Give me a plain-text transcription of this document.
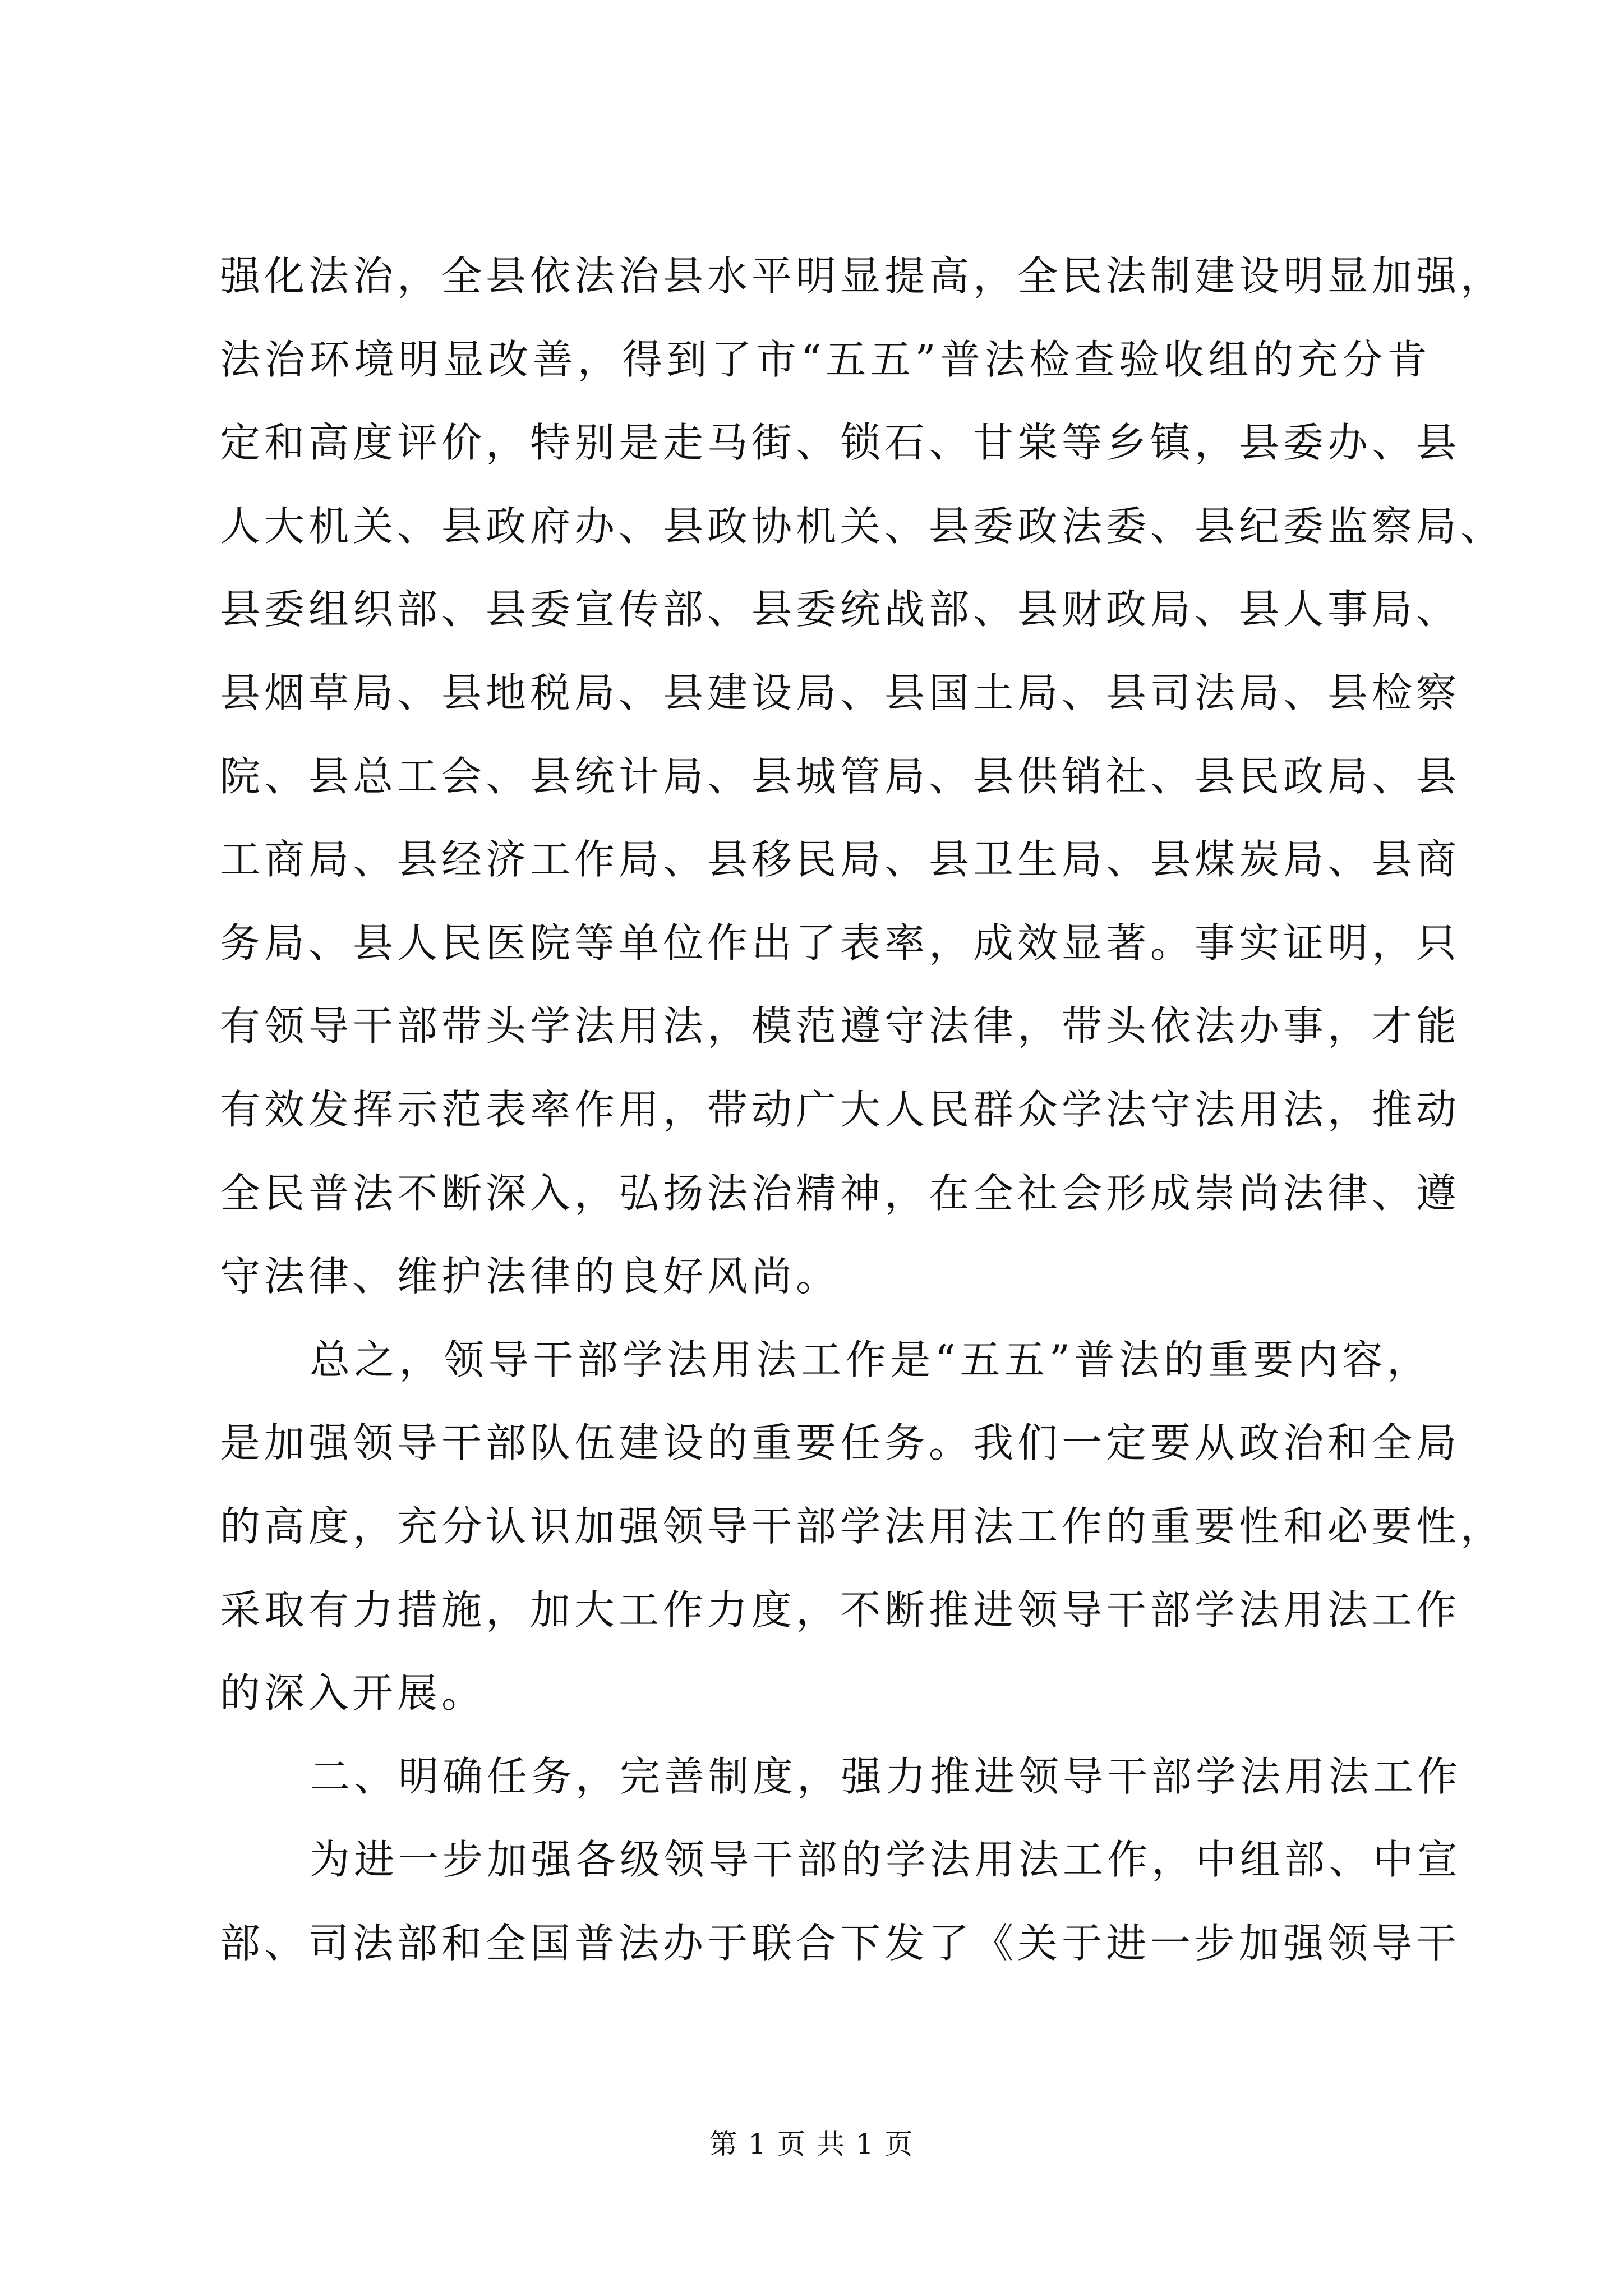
强化法治，全县依法治县水平明显提高，全民法制建设明显加强，
法治环境明显改善，得到了市“五五”普法检查验收组的充分肯
定和高度评价，特别是走马街、锁石、甘棠等乡镇，县委办、县
人大机关、县政府办、县政协机关、县委政法委、县纪委监察局、
县委组织部、县委宣传部、县委统战部、县财政局、县人事局、
县烟草局、县地税局、县建设局、县国土局、县司法局、县检察
院、县总工会、县统计局、县城管局、县供销社、县民政局、县
工商局、县经济工作局、县移民局、县卫生局、县煤炭局、县商
务局、县人民医院等单位作出了表率，成效显著。事实证明，只
有领导干部带头学法用法，模范遵守法律，带头依法办事，才能
有效发挥示范表率作用，带动广大人民群众学法守法用法，推动
全民普法不断深入，弘扬法治精神，在全社会形成崇尚法律、遵
守法律、维护法律的良好风尚。
总之，领导干部学法用法工作是“五五”普法的重要内容，
是加强领导干部队伍建设的重要任务。我们一定要从政治和全局
的高度，充分认识加强领导干部学法用法工作的重要性和必要性，
采取有力措施，加大工作力度，不断推进领导干部学法用法工作
的深入开展。
二、明确任务，完善制度，强力推进领导干部学法用法工作
为进一步加强各级领导干部的学法用法工作，中组部、中宣
部、司法部和全国普法办于联合下发了《关于进一步加强领导干
第 1 页 共 1 页
